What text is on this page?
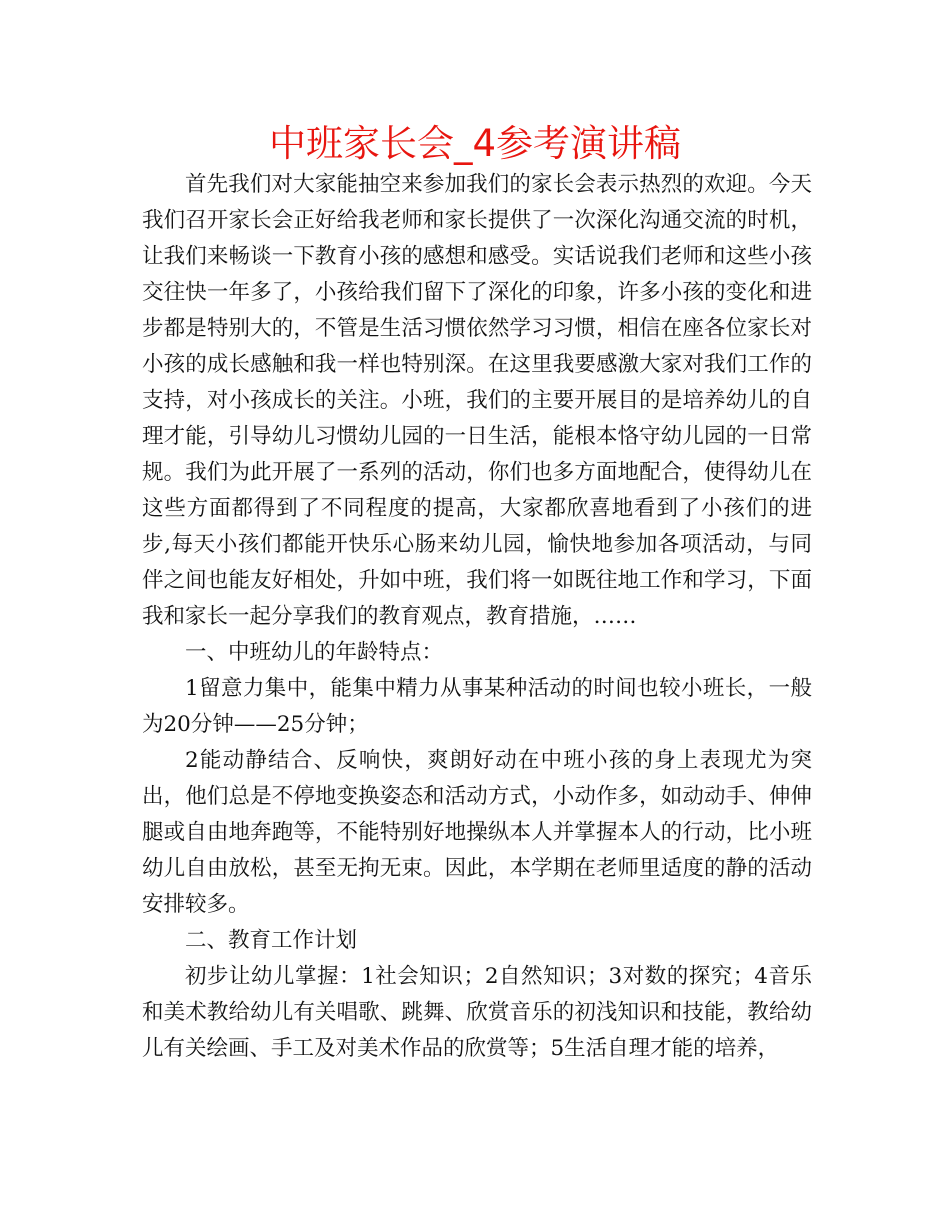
中班家长会_4参考演讲稿

首先我们对大家能抽空来参加我们的家长会表示热烈的欢迎。今天我们召开家长会正好给我老师和家长提供了一次深化沟通交流的时机，让我们来畅谈一下教育小孩的感想和感受。实话说我们老师和这些小孩交往快一年多了，小孩给我们留下了深化的印象，许多小孩的变化和进步都是特别大的，不管是生活习惯依然学习习惯，相信在座各位家长对小孩的成长感触和我一样也特别深。在这里我要感激大家对我们工作的支持，对小孩成长的关注。小班，我们的主要开展目的是培养幼儿的自理才能，引导幼儿习惯幼儿园的一日生活，能根本恪守幼儿园的一日常规。我们为此开展了一系列的活动，你们也多方面地配合，使得幼儿在这些方面都得到了不同程度的提高，大家都欣喜地看到了小孩们的进步,每天小孩们都能开快乐心肠来幼儿园，愉快地参加各项活动，与同伴之间也能友好相处，升如中班，我们将一如既往地工作和学习，下面我和家长一起分享我们的教育观点，教育措施，……

一、中班幼儿的年龄特点：

1留意力集中，能集中精力从事某种活动的时间也较小班长，一般为20分钟——25分钟；

2能动静结合、反响快，爽朗好动在中班小孩的身上表现尤为突出，他们总是不停地变换姿态和活动方式，小动作多，如动动手、伸伸腿或自由地奔跑等，不能特别好地操纵本人并掌握本人的行动，比小班幼儿自由放松，甚至无拘无束。因此，本学期在老师里适度的静的活动安排较多。

二、教育工作计划

初步让幼儿掌握：1社会知识；2自然知识；3对数的探究；4音乐和美术教给幼儿有关唱歌、跳舞、欣赏音乐的初浅知识和技能，教给幼儿有关绘画、手工及对美术作品的欣赏等；5生活自理才能的培养，
